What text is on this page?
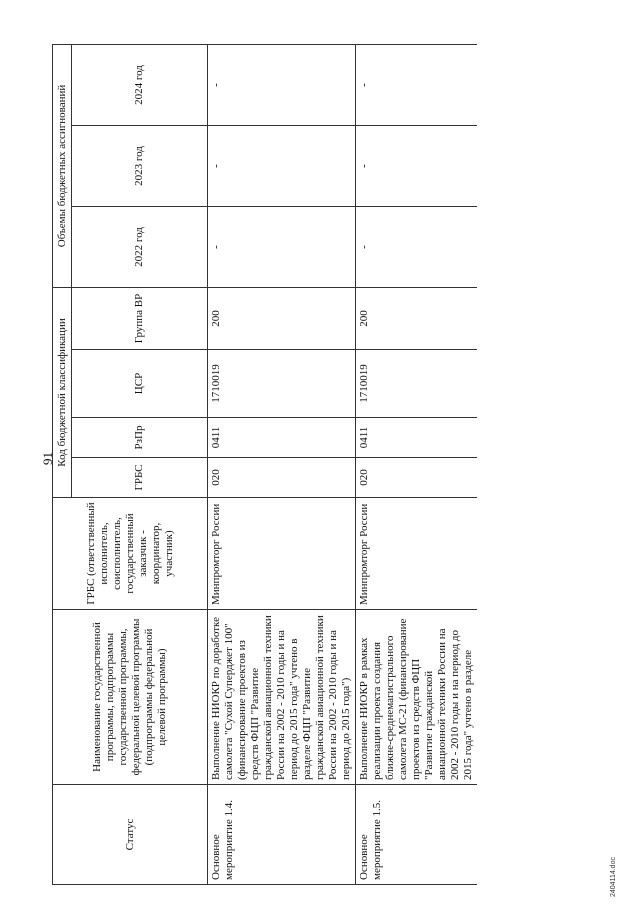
91
Статус	Наименование государственной программы, подпрограммы государственной программы, федеральной целевой программы (подпрограммы федеральной целевой программы)	ГРБС (ответственный исполнитель, соисполнитель, государственный заказчик - координатор, участник)	Код бюджетной классификации				Объемы бюджетных ассигнований		
			ГРБС	РзПр	ЦСР	Группа ВР	2022 год	2023 год	2024 год
Основное мероприятие 1.4.	Выполнение НИОКР по доработке самолета "Сухой Суперджет 100" (финансирование проектов из средств ФЦП "Развитие гражданской авиационной техники России на 2002 - 2010 годы и на период до 2015 года" учтено в разделе ФЦП "Развитие гражданской авиационной техники России на 2002 - 2010 годы и на период до 2015 года")	Минпромторг России	020	0411	1710019	200	-	-	-
Основное мероприятие 1.5.	Выполнение НИОКР в рамках реализации проекта создания ближне-среднемагистрального самолета МС-21 (финансирование проектов из средств ФЦП "Развитие гражданской авиационной техники России на 2002 - 2010 годы и на период до 2015 года" учтено в разделе	Минпромторг России	020	0411	1710019	200	-	-	-
2404114.doc
